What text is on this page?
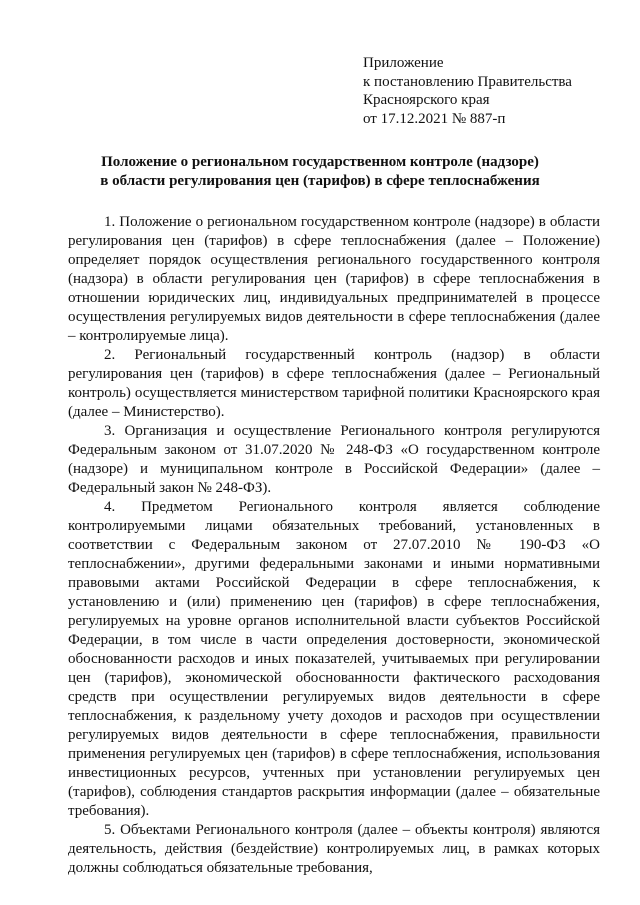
Приложение
к постановлению Правительства
Красноярского края
от 17.12.2021 № 887-п
Положение о региональном государственном контроле (надзоре)
в области регулирования цен (тарифов) в сфере теплоснабжения

1. Положение о региональном государственном контроле (надзоре) в области регулирования цен (тарифов) в сфере теплоснабжения (далее – Положение) определяет порядок осуществления регионального государственного контроля (надзора) в области регулирования цен (тарифов) в сфере теплоснабжения в отношении юридических лиц, индивидуальных предпринимателей в процессе осуществления регулируемых видов деятельности в сфере теплоснабжения (далее – контролируемые лица).

2. Региональный государственный контроль (надзор) в области регулирования цен (тарифов) в сфере теплоснабжения (далее – Региональный контроль) осуществляется министерством тарифной политики Красноярского края (далее – Министерство).

3. Организация и осуществление Регионального контроля регулируются Федеральным законом от 31.07.2020 № 248-ФЗ «О государственном контроле (надзоре) и муниципальном контроле в Российской Федерации» (далее – Федеральный закон № 248-ФЗ).

4. Предметом Регионального контроля является соблюдение контролируемыми лицами обязательных требований, установленных в соответствии с Федеральным законом от 27.07.2010 № 190-ФЗ «О теплоснабжении», другими федеральными законами и иными нормативными правовыми актами Российской Федерации в сфере теплоснабжения, к установлению и (или) применению цен (тарифов) в сфере теплоснабжения, регулируемых на уровне органов исполнительной власти субъектов Российской Федерации, в том числе в части определения достоверности, экономической обоснованности расходов и иных показателей, учитываемых при регулировании цен (тарифов), экономической обоснованности фактического расходования средств при осуществлении регулируемых видов деятельности в сфере теплоснабжения, к раздельному учету доходов и расходов при осуществлении регулируемых видов деятельности в сфере теплоснабжения, правильности применения регулируемых цен (тарифов) в сфере теплоснабжения, использования инвестиционных ресурсов, учтенных при установлении регулируемых цен (тарифов), соблюдения стандартов раскрытия информации (далее – обязательные требования).

5. Объектами Регионального контроля (далее – объекты контроля) являются деятельность, действия (бездействие) контролируемых лиц, в рамках которых должны соблюдаться обязательные требования,
